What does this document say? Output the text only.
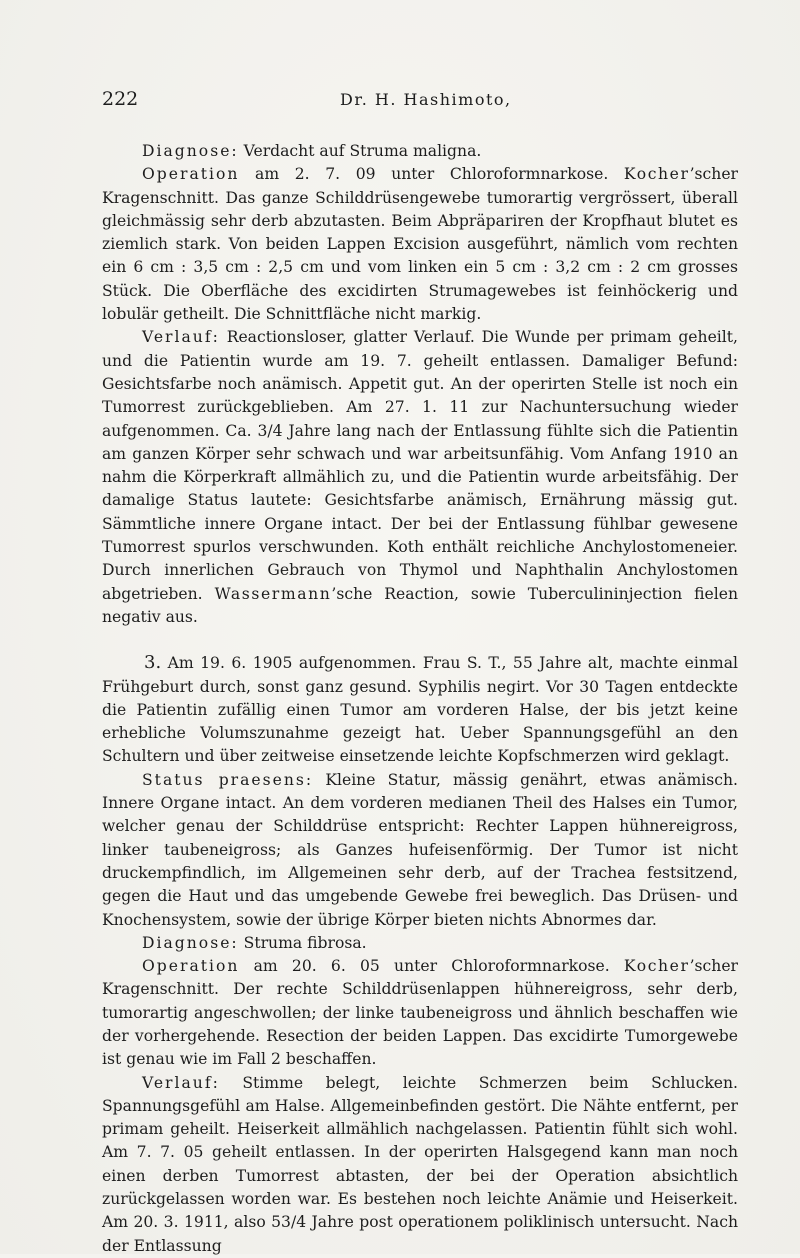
222	Dr. H. Hashimoto,

Diagnose: Verdacht auf Struma maligna.

Operation am 2. 7. 09 unter Chloroformnarkose. Kocher’scher Kragenschnitt. Das ganze Schilddrüsengewebe tumorartig vergrössert, überall gleichmässig sehr derb abzutasten. Beim Abpräpariren der Kropfhaut blutet es ziemlich stark. Von beiden Lappen Excision ausgeführt, nämlich vom rechten ein 6 cm : 3,5 cm : 2,5 cm und vom linken ein 5 cm : 3,2 cm : 2 cm grosses Stück. Die Oberfläche des excidirten Strumagewebes ist feinhöckerig und lobulär getheilt. Die Schnittfläche nicht markig.

Verlauf: Reactionsloser, glatter Verlauf. Die Wunde per primam geheilt, und die Patientin wurde am 19. 7. geheilt entlassen. Damaliger Befund: Gesichtsfarbe noch anämisch. Appetit gut. An der operirten Stelle ist noch ein Tumorrest zurückgeblieben. Am 27. 1. 11 zur Nachuntersuchung wieder aufgenommen. Ca. 3/4 Jahre lang nach der Entlassung fühlte sich die Patientin am ganzen Körper sehr schwach und war arbeitsunfähig. Vom Anfang 1910 an nahm die Körperkraft allmählich zu, und die Patientin wurde arbeitsfähig. Der damalige Status lautete: Gesichtsfarbe anämisch, Ernährung mässig gut. Sämmtliche innere Organe intact. Der bei der Entlassung fühlbar gewesene Tumorrest spurlos verschwunden. Koth enthält reichliche Anchylostomeneier. Durch innerlichen Gebrauch von Thymol und Naphthalin Anchylostomen abgetrieben. Wassermann’sche Reaction, sowie Tuberculininjection fielen negativ aus.

3. Am 19. 6. 1905 aufgenommen. Frau S. T., 55 Jahre alt, machte einmal Frühgeburt durch, sonst ganz gesund. Syphilis negirt. Vor 30 Tagen entdeckte die Patientin zufällig einen Tumor am vorderen Halse, der bis jetzt keine erhebliche Volumszunahme gezeigt hat. Ueber Spannungsgefühl an den Schultern und über zeitweise einsetzende leichte Kopfschmerzen wird geklagt.

Status praesens: Kleine Statur, mässig genährt, etwas anämisch. Innere Organe intact. An dem vorderen medianen Theil des Halses ein Tumor, welcher genau der Schilddrüse entspricht: Rechter Lappen hühnereigross, linker taubeneigross; als Ganzes hufeisenförmig. Der Tumor ist nicht druckempfindlich, im Allgemeinen sehr derb, auf der Trachea festsitzend, gegen die Haut und das umgebende Gewebe frei beweglich. Das Drüsen- und Knochensystem, sowie der übrige Körper bieten nichts Abnormes dar.

Diagnose: Struma fibrosa.

Operation am 20. 6. 05 unter Chloroformnarkose. Kocher’scher Kragenschnitt. Der rechte Schilddrüsenlappen hühnereigross, sehr derb, tumorartig angeschwollen; der linke taubeneigross und ähnlich beschaffen wie der vorhergehende. Resection der beiden Lappen. Das excidirte Tumorgewebe ist genau wie im Fall 2 beschaffen.

Verlauf: Stimme belegt, leichte Schmerzen beim Schlucken. Spannungsgefühl am Halse. Allgemeinbefinden gestört. Die Nähte entfernt, per primam geheilt. Heiserkeit allmählich nachgelassen. Patientin fühlt sich wohl. Am 7. 7. 05 geheilt entlassen. In der operirten Halsgegend kann man noch einen derben Tumorrest abtasten, der bei der Operation absichtlich zurückgelassen worden war. Es bestehen noch leichte Anämie und Heiserkeit. Am 20. 3. 1911, also 53/4 Jahre post operationem poliklinisch untersucht. Nach der Entlassung
